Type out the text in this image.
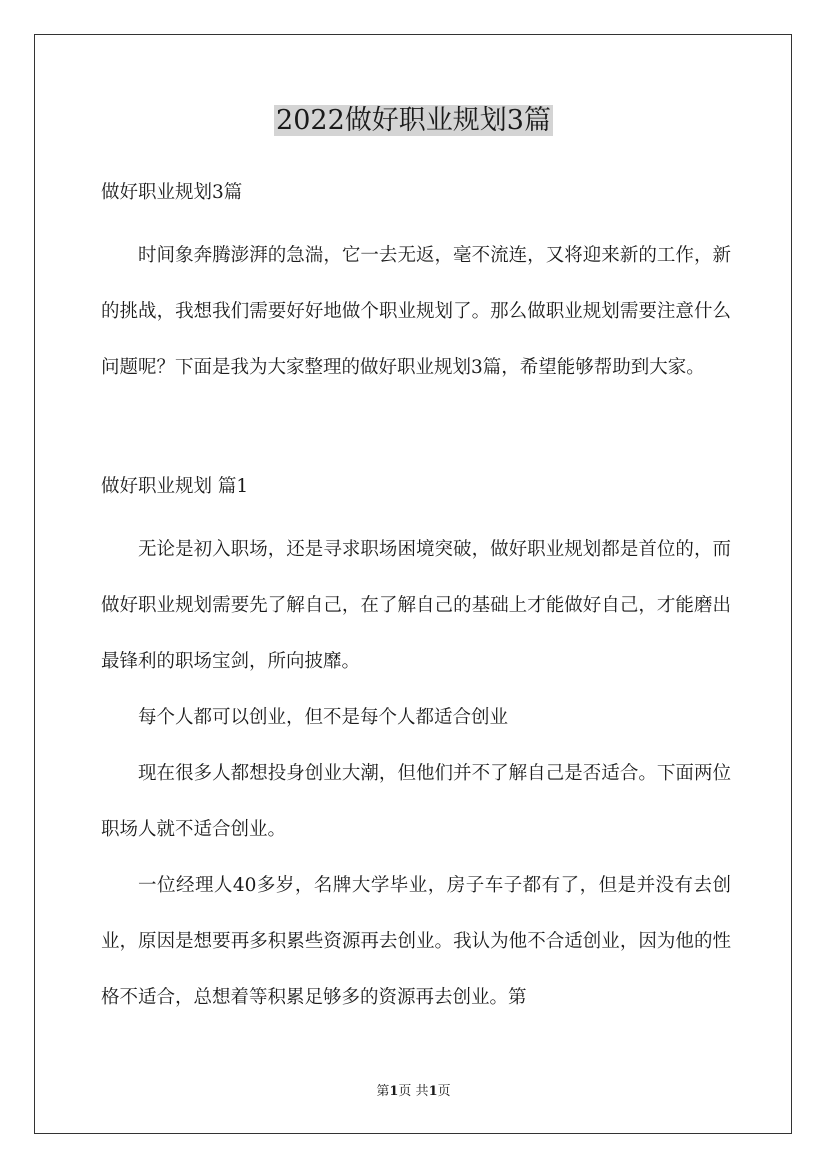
2022做好职业规划3篇

做好职业规划3篇

时间象奔腾澎湃的急湍，它一去无返，毫不流连，又将迎来新的工作，新的挑战，我想我们需要好好地做个职业规划了。那么做职业规划需要注意什么问题呢？下面是我为大家整理的做好职业规划3篇，希望能够帮助到大家。

做好职业规划 篇1

无论是初入职场，还是寻求职场困境突破，做好职业规划都是首位的，而做好职业规划需要先了解自己，在了解自己的基础上才能做好自己，才能磨出最锋利的职场宝剑，所向披靡。

每个人都可以创业，但不是每个人都适合创业

现在很多人都想投身创业大潮，但他们并不了解自己是否适合。下面两位职场人就不适合创业。

一位经理人40多岁，名牌大学毕业，房子车子都有了，但是并没有去创业，原因是想要再多积累些资源再去创业。我认为他不合适创业，因为他的性格不适合，总想着等积累足够多的资源再去创业。第

第1页 共1页
